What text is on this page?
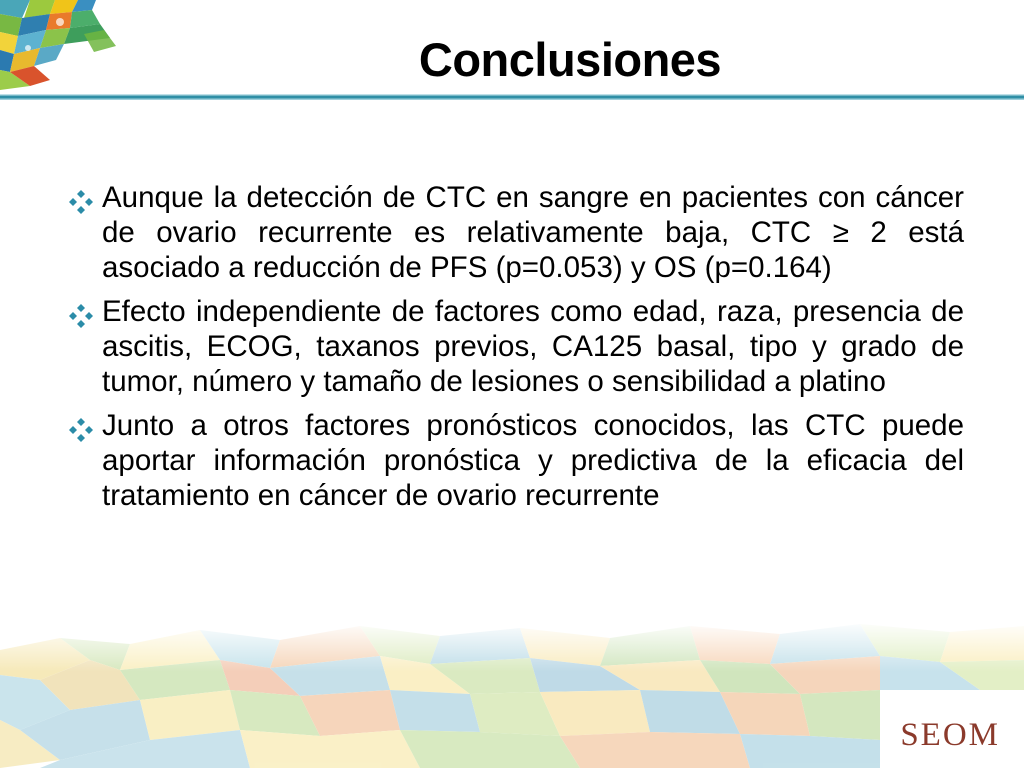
Conclusiones
Aunque la detección de CTC en sangre en pacientes con cáncer de ovario recurrente es relativamente baja, CTC ≥ 2 está asociado a reducción de PFS (p=0.053) y OS (p=0.164)
Efecto independiente de factores como edad, raza, presencia de ascitis, ECOG, taxanos previos, CA125 basal, tipo y grado de tumor, número y tamaño de lesiones o sensibilidad a platino
Junto a otros factores pronósticos conocidos, las CTC puede aportar información pronóstica y predictiva de la eficacia del tratamiento en cáncer de ovario recurrente
SEOM
